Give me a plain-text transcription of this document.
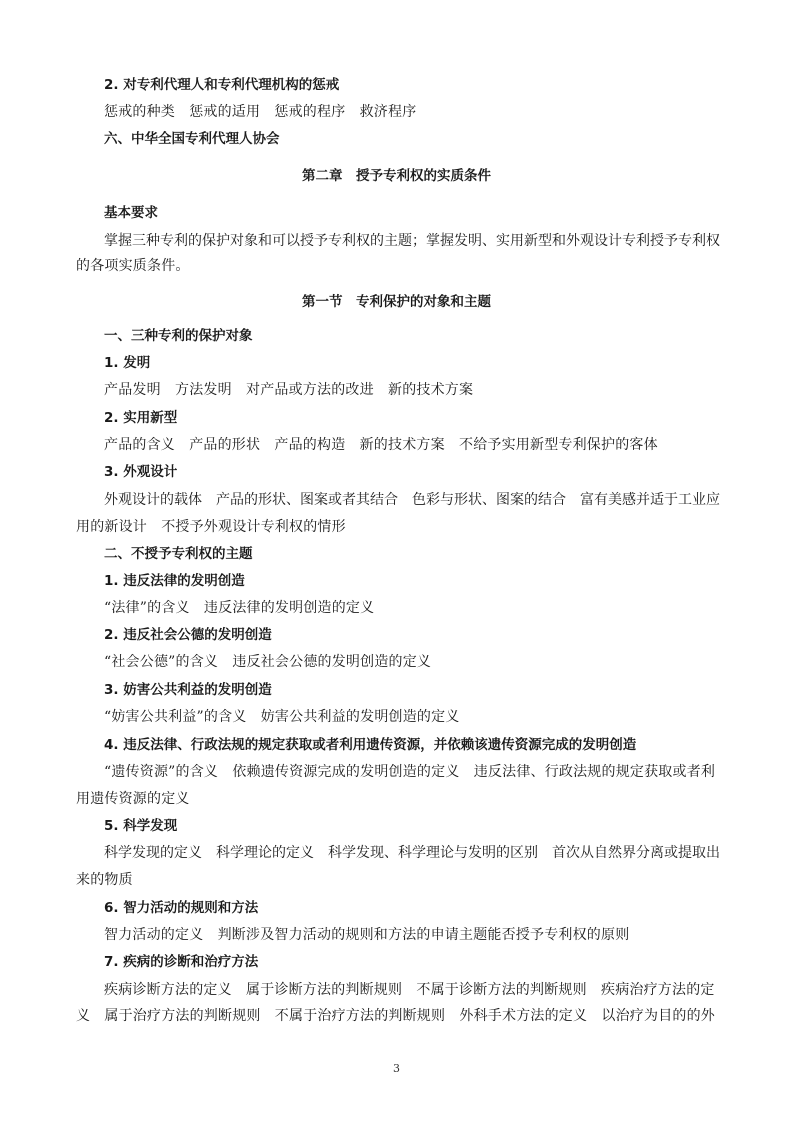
2. 对专利代理人和专利代理机构的惩戒
惩戒的种类　惩戒的适用　惩戒的程序　救济程序
六、中华全国专利代理人协会
第二章　授予专利权的实质条件
基本要求
掌握三种专利的保护对象和可以授予专利权的主题；掌握发明、实用新型和外观设计专利授予专利权
的各项实质条件。
第一节　专利保护的对象和主题
一、三种专利的保护对象
1. 发明
产品发明　方法发明　对产品或方法的改进　新的技术方案
2. 实用新型
产品的含义　产品的形状　产品的构造　新的技术方案　不给予实用新型专利保护的客体
3. 外观设计
外观设计的载体　产品的形状、图案或者其结合　色彩与形状、图案的结合　富有美感并适于工业应
用的新设计　不授予外观设计专利权的情形
二、不授予专利权的主题
1. 违反法律的发明创造
“法律”的含义　违反法律的发明创造的定义
2. 违反社会公德的发明创造
“社会公德”的含义　违反社会公德的发明创造的定义
3. 妨害公共利益的发明创造
“妨害公共利益”的含义　妨害公共利益的发明创造的定义
4. 违反法律、行政法规的规定获取或者利用遗传资源，并依赖该遗传资源完成的发明创造
“遗传资源”的含义　依赖遗传资源完成的发明创造的定义　违反法律、行政法规的规定获取或者利
用遗传资源的定义
5. 科学发现
科学发现的定义　科学理论的定义　科学发现、科学理论与发明的区别　首次从自然界分离或提取出
来的物质
6. 智力活动的规则和方法
智力活动的定义　判断涉及智力活动的规则和方法的申请主题能否授予专利权的原则
7. 疾病的诊断和治疗方法
疾病诊断方法的定义　属于诊断方法的判断规则　不属于诊断方法的判断规则　疾病治疗方法的定
义　属于治疗方法的判断规则　不属于治疗方法的判断规则　外科手术方法的定义　以治疗为目的的外
3
